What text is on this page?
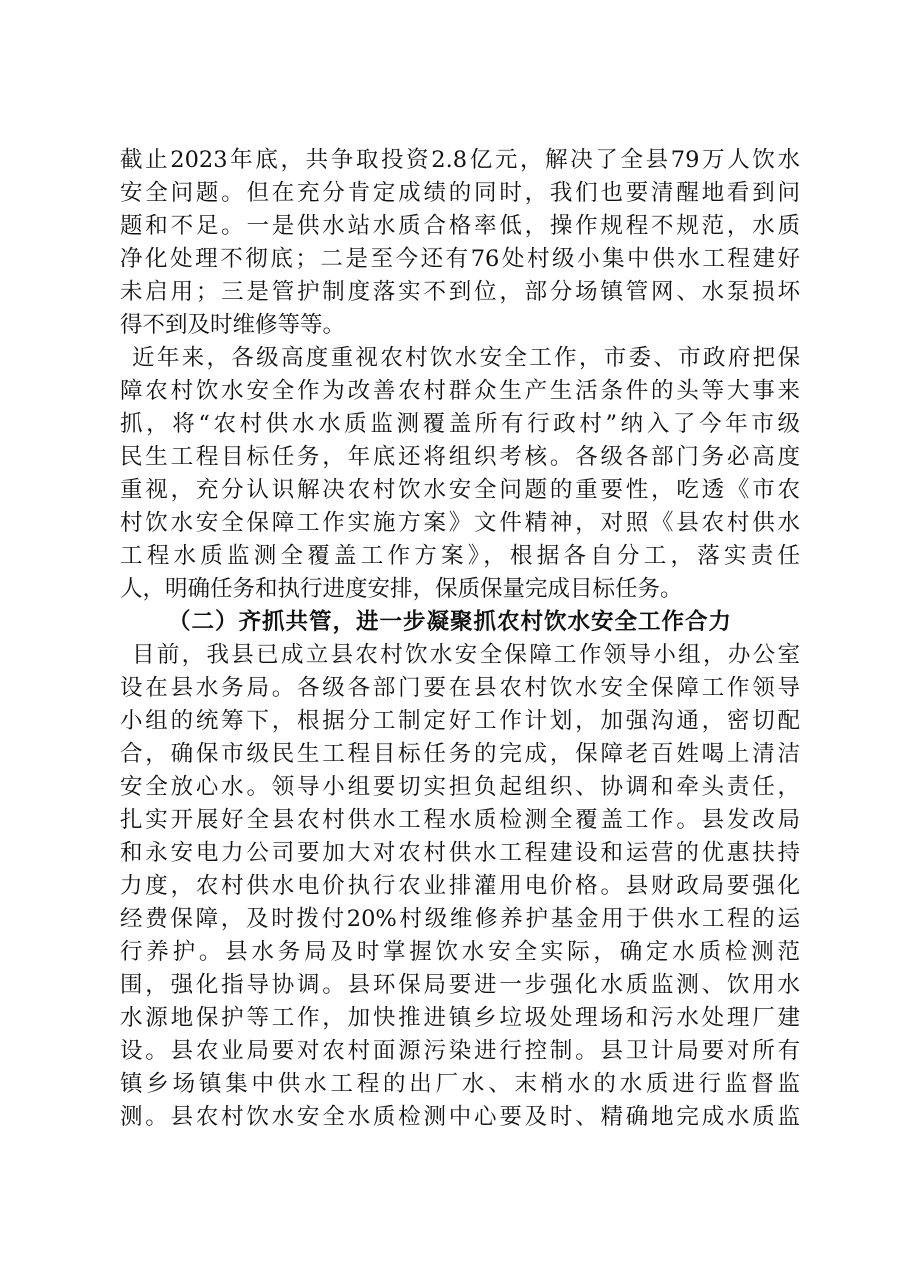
截止2023年底，共争取投资2.8亿元，解决了全县79万人饮水
安全问题。但在充分肯定成绩的同时，我们也要清醒地看到问
题和不足。一是供水站水质合格率低，操作规程不规范，水质
净化处理不彻底；二是至今还有76处村级小集中供水工程建好
未启用；三是管护制度落实不到位，部分场镇管网、水泵损坏
得不到及时维修等等。
近年来，各级高度重视农村饮水安全工作，市委、市政府把保
障农村饮水安全作为改善农村群众生产生活条件的头等大事来
抓，将“农村供水水质监测覆盖所有行政村”纳入了今年市级
民生工程目标任务，年底还将组织考核。各级各部门务必高度
重视，充分认识解决农村饮水安全问题的重要性，吃透《市农
村饮水安全保障工作实施方案》文件精神，对照《县农村供水
工程水质监测全覆盖工作方案》，根据各自分工，落实责任
人，明确任务和执行进度安排，保质保量完成目标任务。
（二）齐抓共管，进一步凝聚抓农村饮水安全工作合力
目前，我县已成立县农村饮水安全保障工作领导小组，办公室
设在县水务局。各级各部门要在县农村饮水安全保障工作领导
小组的统筹下，根据分工制定好工作计划，加强沟通，密切配
合，确保市级民生工程目标任务的完成，保障老百姓喝上清洁
安全放心水。领导小组要切实担负起组织、协调和牵头责任，
扎实开展好全县农村供水工程水质检测全覆盖工作。县发改局
和永安电力公司要加大对农村供水工程建设和运营的优惠扶持
力度，农村供水电价执行农业排灌用电价格。县财政局要强化
经费保障，及时拨付20%村级维修养护基金用于供水工程的运
行养护。县水务局及时掌握饮水安全实际，确定水质检测范
围，强化指导协调。县环保局要进一步强化水质监测、饮用水
水源地保护等工作，加快推进镇乡垃圾处理场和污水处理厂建
设。县农业局要对农村面源污染进行控制。县卫计局要对所有
镇乡场镇集中供水工程的出厂水、末梢水的水质进行监督监
测。县农村饮水安全水质检测中心要及时、精确地完成水质监
